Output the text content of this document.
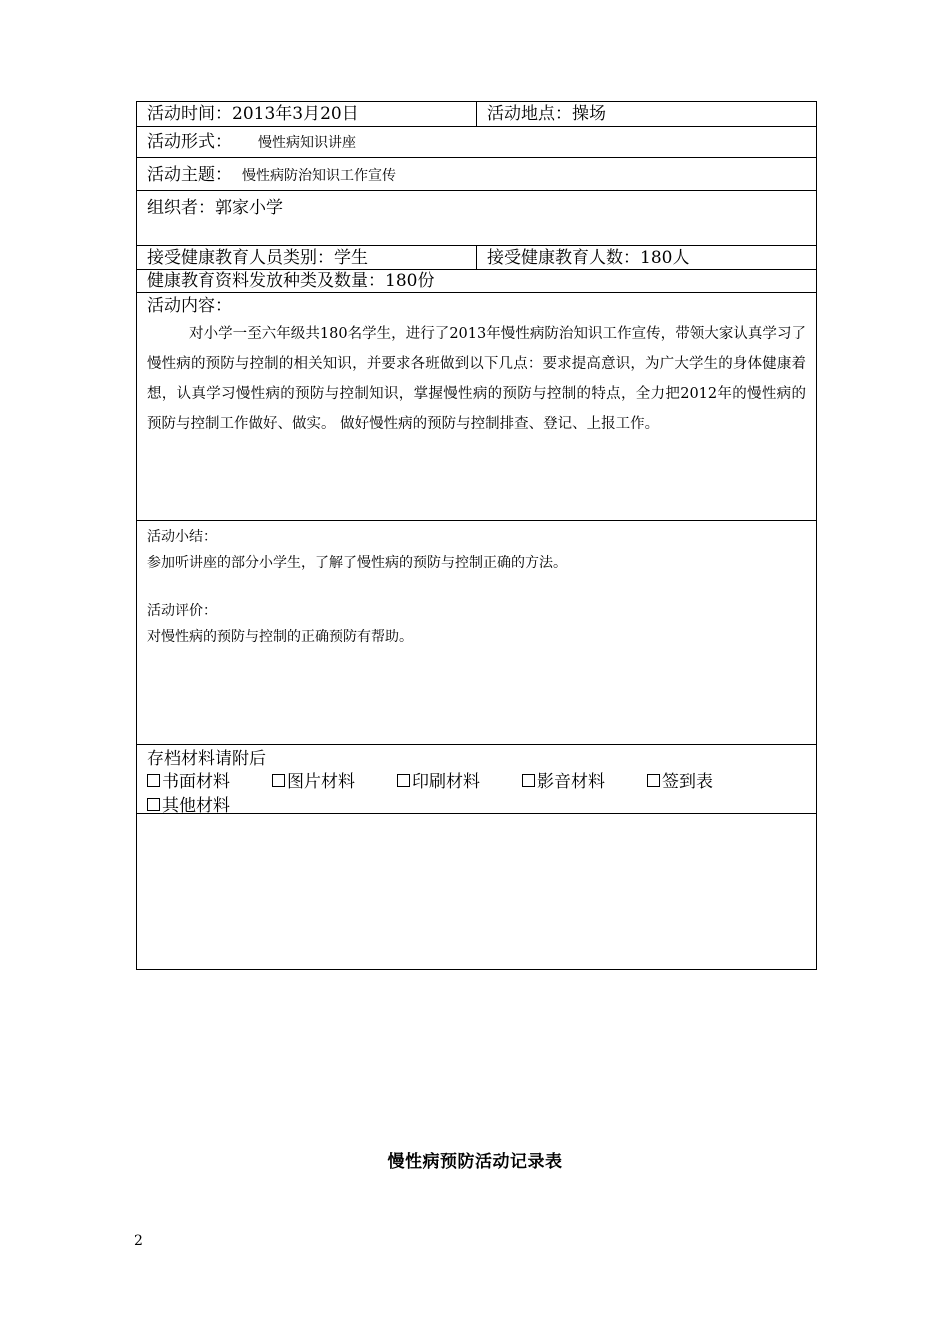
活动时间：2013年3月20日	活动地点：操场
活动形式： 慢性病知识讲座
活动主题： 慢性病防治知识工作宣传
组织者：郭家小学
接受健康教育人员类别：学生	接受健康教育人数：180人
健康教育资料发放种类及数量：180份
活动内容：
对小学一至六年级共180名学生，进行了2013年慢性病防治知识工作宣传，带领大家认真学习了慢性病的预防与控制的相关知识，并要求各班做到以下几点：要求提高意识，为广大学生的身体健康着想，认真学习慢性病的预防与控制知识，掌握慢性病的预防与控制的特点，全力把2012年的慢性病的预防与控制工作做好、做实。 做好慢性病的预防与控制排查、登记、上报工作。
活动小结：
参加听讲座的部分小学生，了解了慢性病的预防与控制正确的方法。
活动评价：
对慢性病的预防与控制的正确预防有帮助。
存档材料请附后
书面材料	图片材料	印刷材料	影音材料	签到表
其他材料
慢性病预防活动记录表
2
